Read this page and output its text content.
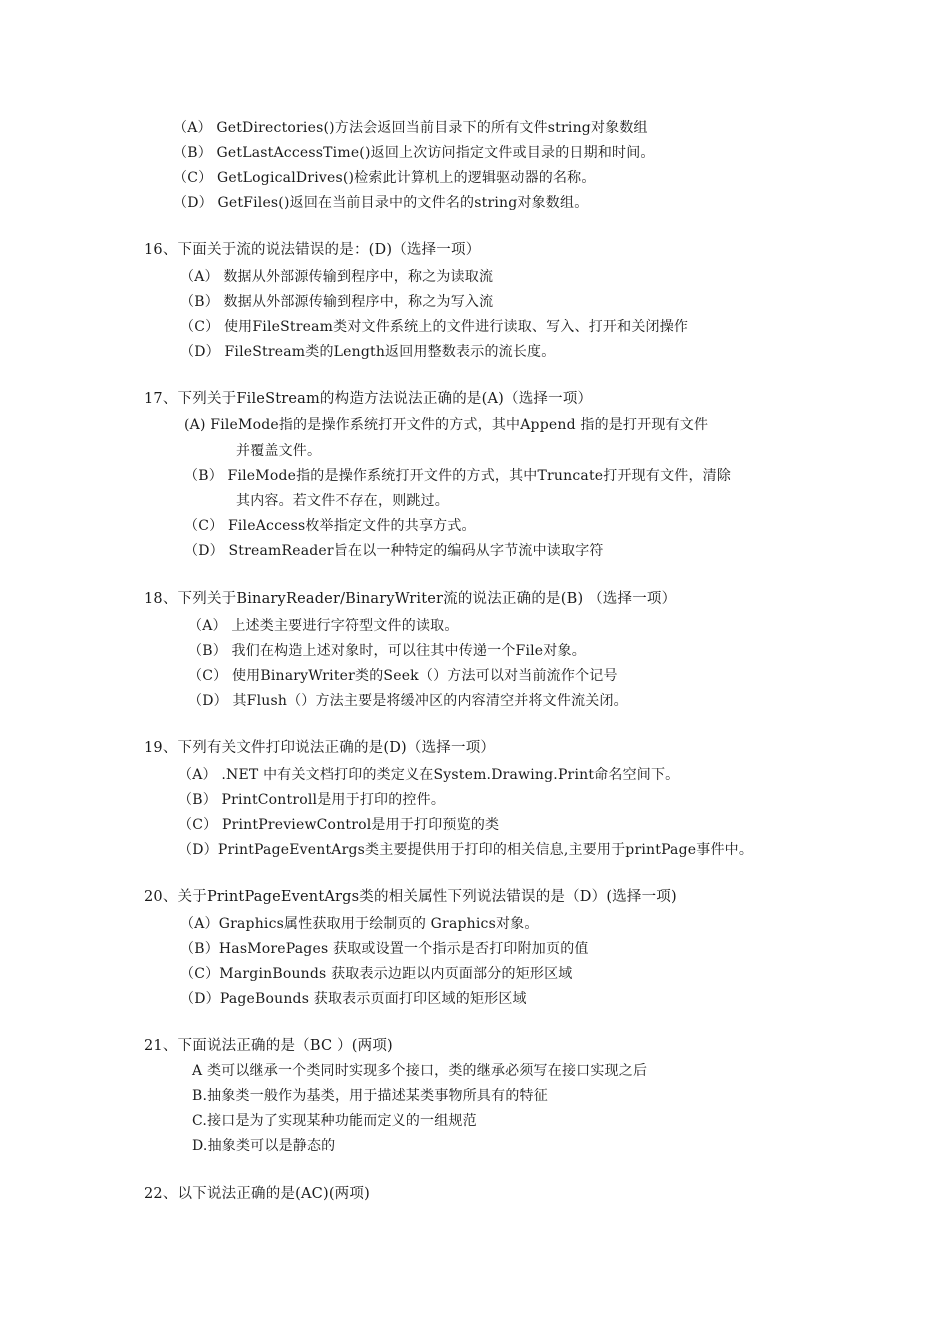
（A） GetDirectories()方法会返回当前目录下的所有文件string对象数组
（B） GetLastAccessTime()返回上次访问指定文件或目录的日期和时间。
（C） GetLogicalDrives()检索此计算机上的逻辑驱动器的名称。
（D） GetFiles()返回在当前目录中的文件名的string对象数组。
16、下面关于流的说法错误的是：(D)（选择一项）
（A） 数据从外部源传输到程序中，称之为读取流
（B） 数据从外部源传输到程序中，称之为写入流
（C） 使用FileStream类对文件系统上的文件进行读取、写入、打开和关闭操作
（D） FileStream类的Length返回用整数表示的流长度。
17、下列关于FileStream的构造方法说法正确的是(A)（选择一项）
(A) FileMode指的是操作系统打开文件的方式，其中Append 指的是打开现有文件
并覆盖文件。
（B） FileMode指的是操作系统打开文件的方式，其中Truncate打开现有文件，清除
其内容。若文件不存在，则跳过。
（C） FileAccess枚举指定文件的共享方式。
（D） StreamReader旨在以一种特定的编码从字节流中读取字符
18、下列关于BinaryReader/BinaryWriter流的说法正确的是(B) （选择一项）
（A） 上述类主要进行字符型文件的读取。
（B） 我们在构造上述对象时，可以往其中传递一个File对象。
（C） 使用BinaryWriter类的Seek（）方法可以对当前流作个记号
（D） 其Flush（）方法主要是将缓冲区的内容清空并将文件流关闭。
19、下列有关文件打印说法正确的是(D)（选择一项）
（A） .NET 中有关文档打印的类定义在System.Drawing.Print命名空间下。
（B） PrintControll是用于打印的控件。
（C） PrintPreviewControl是用于打印预览的类
（D）PrintPageEventArgs类主要提供用于打印的相关信息,主要用于printPage事件中。
20、关于PrintPageEventArgs类的相关属性下列说法错误的是（D）(选择一项)
（A）Graphics属性获取用于绘制页的 Graphics对象。
（B）HasMorePages 获取或设置一个指示是否打印附加页的值
（C）MarginBounds 获取表示边距以内页面部分的矩形区域
（D）PageBounds 获取表示页面打印区域的矩形区域
21、下面说法正确的是（BC ）(两项)
A 类可以继承一个类同时实现多个接口，类的继承必须写在接口实现之后
B.抽象类一般作为基类，用于描述某类事物所具有的特征
C.接口是为了实现某种功能而定义的一组规范
D.抽象类可以是静态的
22、以下说法正确的是(AC)(两项)
